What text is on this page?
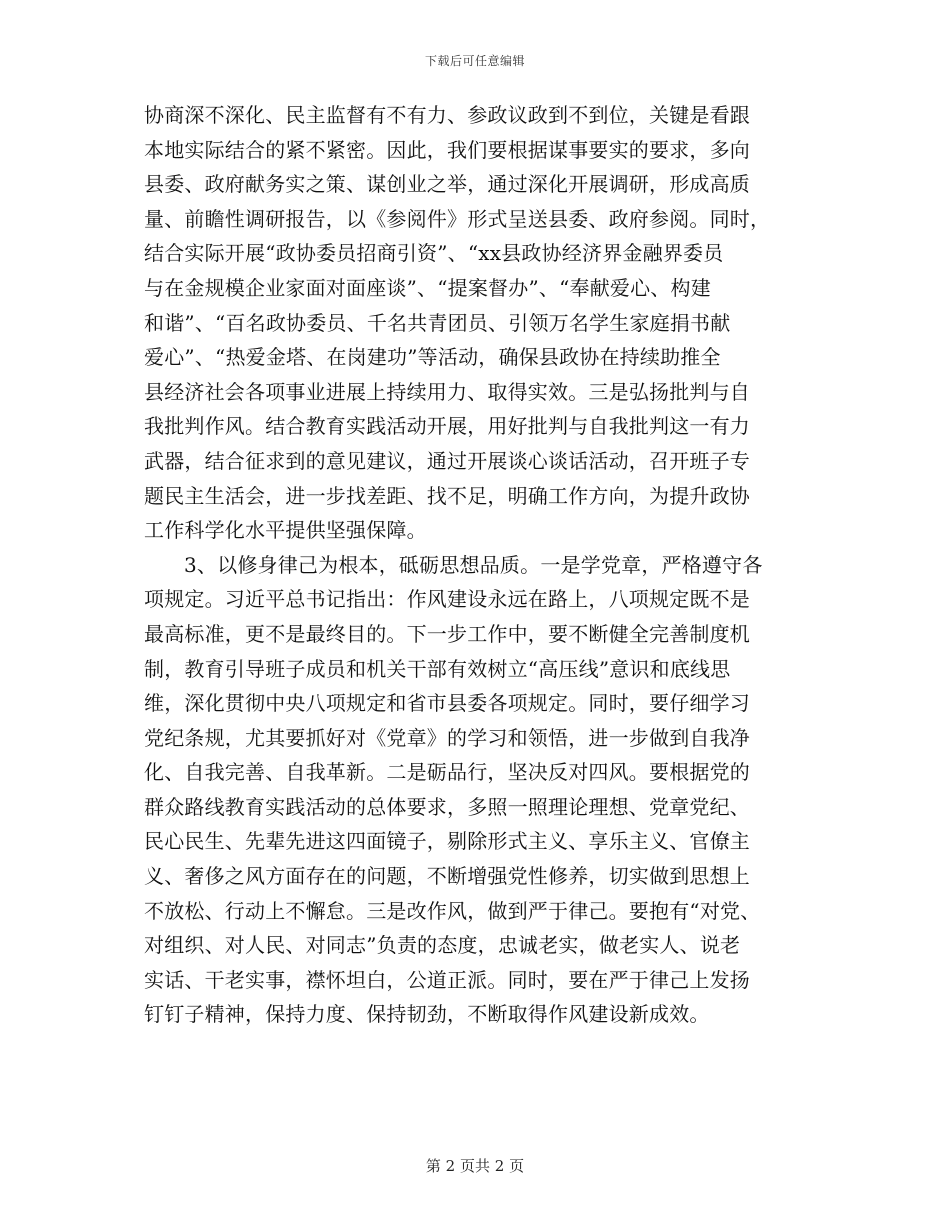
下载后可任意编辑
协商深不深化、民主监督有不有力、参政议政到不到位，关键是看跟
本地实际结合的紧不紧密。因此，我们要根据谋事要实的要求，多向
县委、政府献务实之策、谋创业之举，通过深化开展调研，形成高质
量、前瞻性调研报告，以《参阅件》形式呈送县委、政府参阅。同时，
结合实际开展“政协委员招商引资”、“xx县政协经济界金融界委员
与在金规模企业家面对面座谈”、“提案督办”、“奉献爱心、构建
和谐”、“百名政协委员、千名共青团员、引领万名学生家庭捐书献
爱心”、“热爱金塔、在岗建功”等活动，确保县政协在持续助推全
县经济社会各项事业进展上持续用力、取得实效。三是弘扬批判与自
我批判作风。结合教育实践活动开展，用好批判与自我批判这一有力
武器，结合征求到的意见建议，通过开展谈心谈话活动，召开班子专
题民主生活会，进一步找差距、找不足，明确工作方向，为提升政协
工作科学化水平提供坚强保障。
3、以修身律己为根本，砥砺思想品质。一是学党章，严格遵守各
项规定。习近平总书记指出：作风建设永远在路上，八项规定既不是
最高标准，更不是最终目的。下一步工作中，要不断健全完善制度机
制，教育引导班子成员和机关干部有效树立“高压线”意识和底线思
维，深化贯彻中央八项规定和省市县委各项规定。同时，要仔细学习
党纪条规，尤其要抓好对《党章》的学习和领悟，进一步做到自我净
化、自我完善、自我革新。二是砺品行，坚决反对四风。要根据党的
群众路线教育实践活动的总体要求，多照一照理论理想、党章党纪、
民心民生、先辈先进这四面镜子，剔除形式主义、享乐主义、官僚主
义、奢侈之风方面存在的问题，不断增强党性修养，切实做到思想上
不放松、行动上不懈怠。三是改作风，做到严于律己。要抱有“对党、
对组织、对人民、对同志”负责的态度，忠诚老实，做老实人、说老
实话、干老实事，襟怀坦白，公道正派。同时，要在严于律己上发扬
钉钉子精神，保持力度、保持韧劲，不断取得作风建设新成效。
第 2 页共 2 页
